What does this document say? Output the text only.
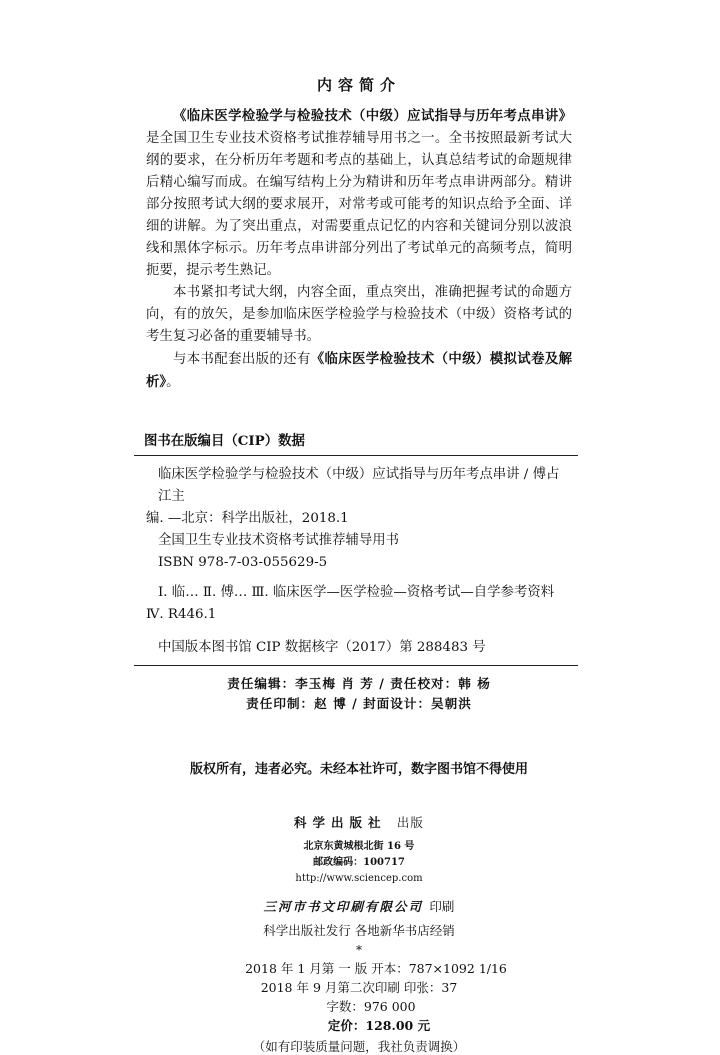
内容简介

《临床医学检验学与检验技术（中级）应试指导与历年考点串讲》是全国卫生专业技术资格考试推荐辅导用书之一。全书按照最新考试大纲的要求，在分析历年考题和考点的基础上，认真总结考试的命题规律后精心编写而成。在编写结构上分为精讲和历年考点串讲两部分。精讲部分按照考试大纲的要求展开，对常考或可能考的知识点给予全面、详细的讲解。为了突出重点，对需要重点记忆的内容和关键词分别以波浪线和黑体字标示。历年考点串讲部分列出了考试单元的高频考点，简明扼要，提示考生熟记。

本书紧扣考试大纲，内容全面，重点突出，准确把握考试的命题方向，有的放矢，是参加临床医学检验学与检验技术（中级）资格考试的考生复习必备的重要辅导书。

与本书配套出版的还有《临床医学检验技术（中级）模拟试卷及解析》。

图书在版编目（CIP）数据
临床医学检验学与检验技术（中级）应试指导与历年考点串讲 / 傅占江主
编. —北京：科学出版社，2018.1
全国卫生专业技术资格考试推荐辅导用书
ISBN 978-7-03-055629-5
Ⅰ. 临… Ⅱ. 傅… Ⅲ. 临床医学—医学检验—资格考试—自学参考资料
Ⅳ. R446.1
中国版本图书馆 CIP 数据核字（2017）第 288483 号
责任编辑：李玉梅 肖 芳 / 责任校对：韩 杨
责任印制：赵 博 / 封面设计：吴朝洪
版权所有，违者必究。未经本社许可，数字图书馆不得使用
科学出版社 出版
北京东黄城根北街 16 号
邮政编码：100717
http://www.sciencep.com
三河市书文印刷有限公司 印刷
科学出版社发行 各地新华书店经销
*
2018 年 1 月第 一 版 开本：787×1092 1/16
2018 年 9 月第二次印刷 印张：37
字数：976 000
定价：128.00 元
（如有印装质量问题，我社负责调换）
